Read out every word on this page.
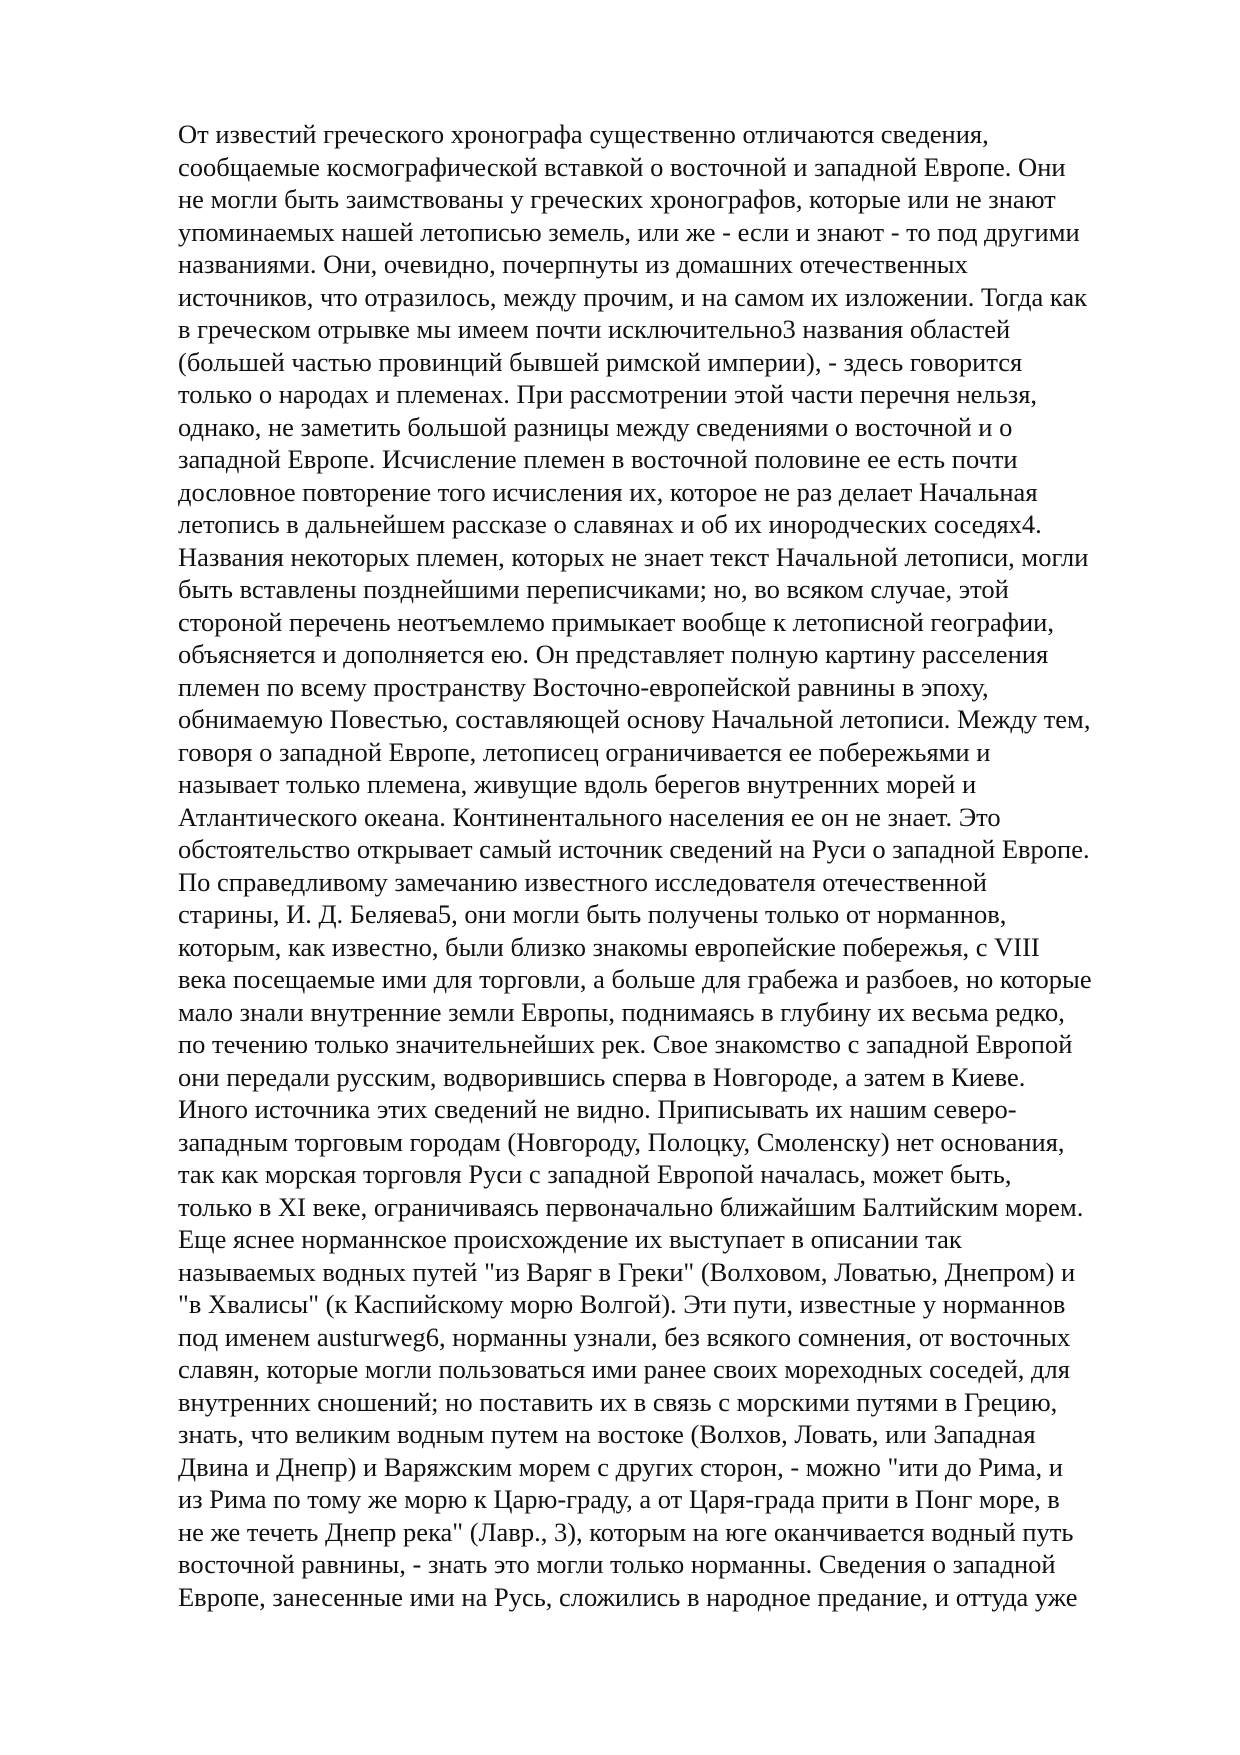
От известий греческого хронографа существенно отличаются сведения,
сообщаемые космографической вставкой о восточной и западной Европе. Они
не могли быть заимствованы у греческих хронографов, которые или не знают
упоминаемых нашей летописью земель, или же - если и знают - то под другими
названиями. Они, очевидно, почерпнуты из домашних отечественных
источников, что отразилось, между прочим, и на самом их изложении. Тогда как
в греческом отрывке мы имеем почти исключительно3 названия областей
(большей частью провинций бывшей римской империи), - здесь говорится
только о народах и племенах. При рассмотрении этой части перечня нельзя,
однако, не заметить большой разницы между сведениями о восточной и о
западной Европе. Исчисление племен в восточной половине ее есть почти
дословное повторение того исчисления их, которое не раз делает Начальная
летопись в дальнейшем рассказе о славянах и об их инородческих соседях4.
Названия некоторых племен, которых не знает текст Начальной летописи, могли
быть вставлены позднейшими переписчиками; но, во всяком случае, этой
стороной перечень неотъемлемо примыкает вообще к летописной географии,
объясняется и дополняется ею. Он представляет полную картину расселения
племен по всему пространству Восточно-европейской равнины в эпоху,
обнимаемую Повестью, составляющей основу Начальной летописи. Между тем,
говоря о западной Европе, летописец ограничивается ее побережьями и
называет только племена, живущие вдоль берегов внутренних морей и
Атлантического океана. Континентального населения ее он не знает. Это
обстоятельство открывает самый источник сведений на Руси о западной Европе.
По справедливому замечанию известного исследователя отечественной
старины, И. Д. Беляева5, они могли быть получены только от норманнов,
которым, как известно, были близко знакомы европейские побережья, с VIII
века посещаемые ими для торговли, а больше для грабежа и разбоев, но которые
мало знали внутренние земли Европы, поднимаясь в глубину их весьма редко,
по течению только значительнейших рек. Свое знакомство с западной Европой
они передали русским, водворившись сперва в Новгороде, а затем в Киеве.
Иного источника этих сведений не видно. Приписывать их нашим северо-
западным торговым городам (Новгороду, Полоцку, Смоленску) нет основания,
так как морская торговля Руси с западной Европой началась, может быть,
только в XI веке, ограничиваясь первоначально ближайшим Балтийским морем.
Еще яснее норманнское происхождение их выступает в описании так
называемых водных путей "из Варяг в Греки" (Волховом, Ловатью, Днепром) и
"в Хвалисы" (к Каспийскому морю Волгой). Эти пути, известные у норманнов
под именем austurweg6, норманны узнали, без всякого сомнения, от восточных
славян, которые могли пользоваться ими ранее своих мореходных соседей, для
внутренних сношений; но поставить их в связь с морскими путями в Грецию,
знать, что великим водным путем на востоке (Волхов, Ловать, или Западная
Двина и Днепр) и Варяжским морем с других сторон, - можно "ити до Рима, и
из Рима по тому же морю к Царю-граду, а от Царя-града прити в Понг море, в
не же течеть Днепр река" (Лавр., 3), которым на юге оканчивается водный путь
восточной равнины, - знать это могли только норманны. Сведения о западной
Европе, занесенные ими на Русь, сложились в народное предание, и оттуда уже
